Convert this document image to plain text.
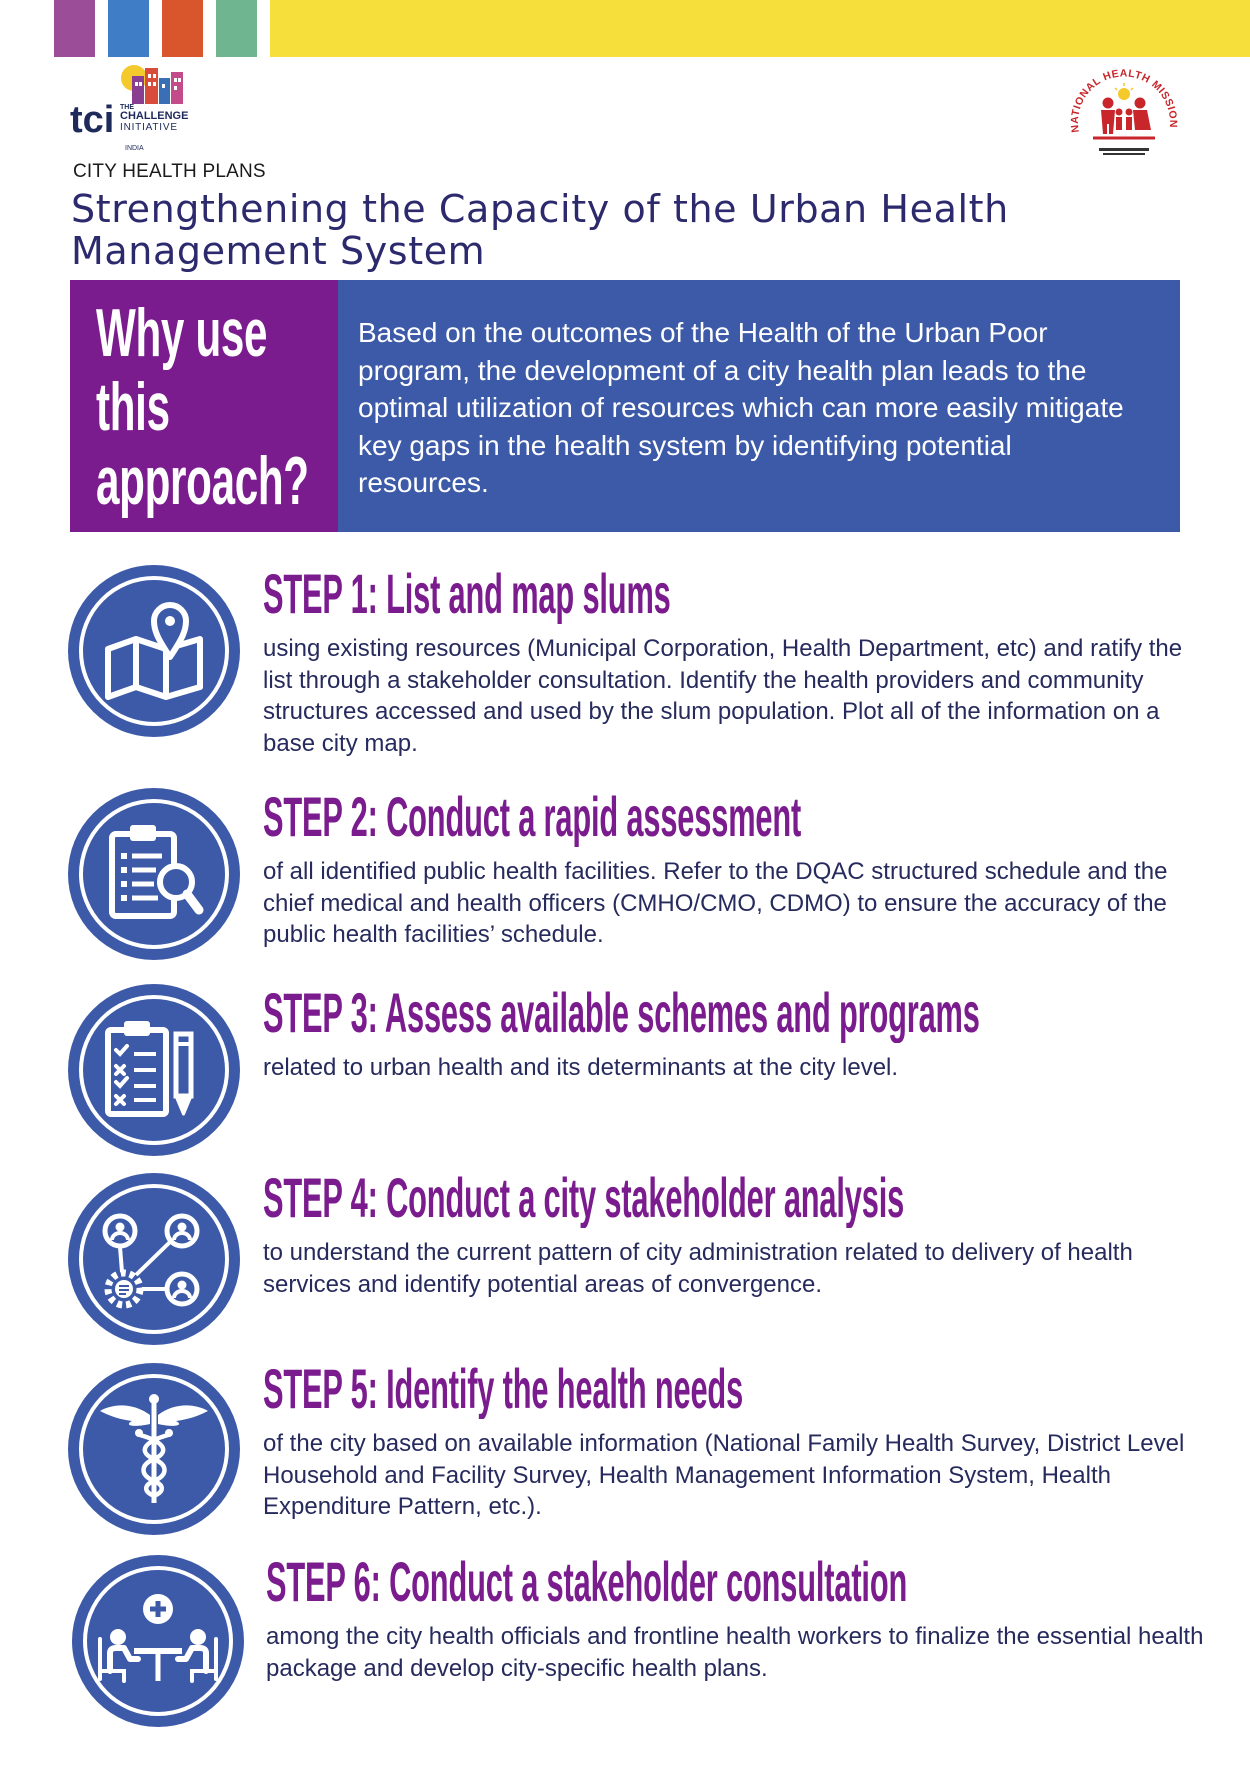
tci THE
CHALLENGE
INITIATIVE
INDIA
NATIONAL HEALTH MISSION
CITY HEALTH PLANS
Strengthening the Capacity of the Urban Health Management System
Why use
this
approach?

Based on the outcomes of the Health of the Urban Poor program, the development of a city health plan leads to the optimal utilization of resources which can more easily mitigate key gaps in the health system by identifying potential resources.

STEP 1: List and map slums

using existing resources (Municipal Corporation, Health Department, etc) and ratify the list through a stakeholder consultation. Identify the health providers and community structures accessed and used by the slum population. Plot all of the information on a base city map.

STEP 2: Conduct a rapid assessment

of all identified public health facilities. Refer to the DQAC structured schedule and the chief medical and health officers (CMHO/CMO, CDMO) to ensure the accuracy of the public health facilities’ schedule.

STEP 3: Assess available schemes and programs

related to urban health and its determinants at the city level.

STEP 4: Conduct a city stakeholder analysis

to understand the current pattern of city administration related to delivery of health services and identify potential areas of convergence.

STEP 5: Identify the health needs

of the city based on available information (National Family Health Survey, District Level Household and Facility Survey, Health Management Information System, Health Expenditure Pattern, etc.).

STEP 6: Conduct a stakeholder consultation

among the city health officials and frontline health workers to finalize the essential health package and develop city-specific health plans.
